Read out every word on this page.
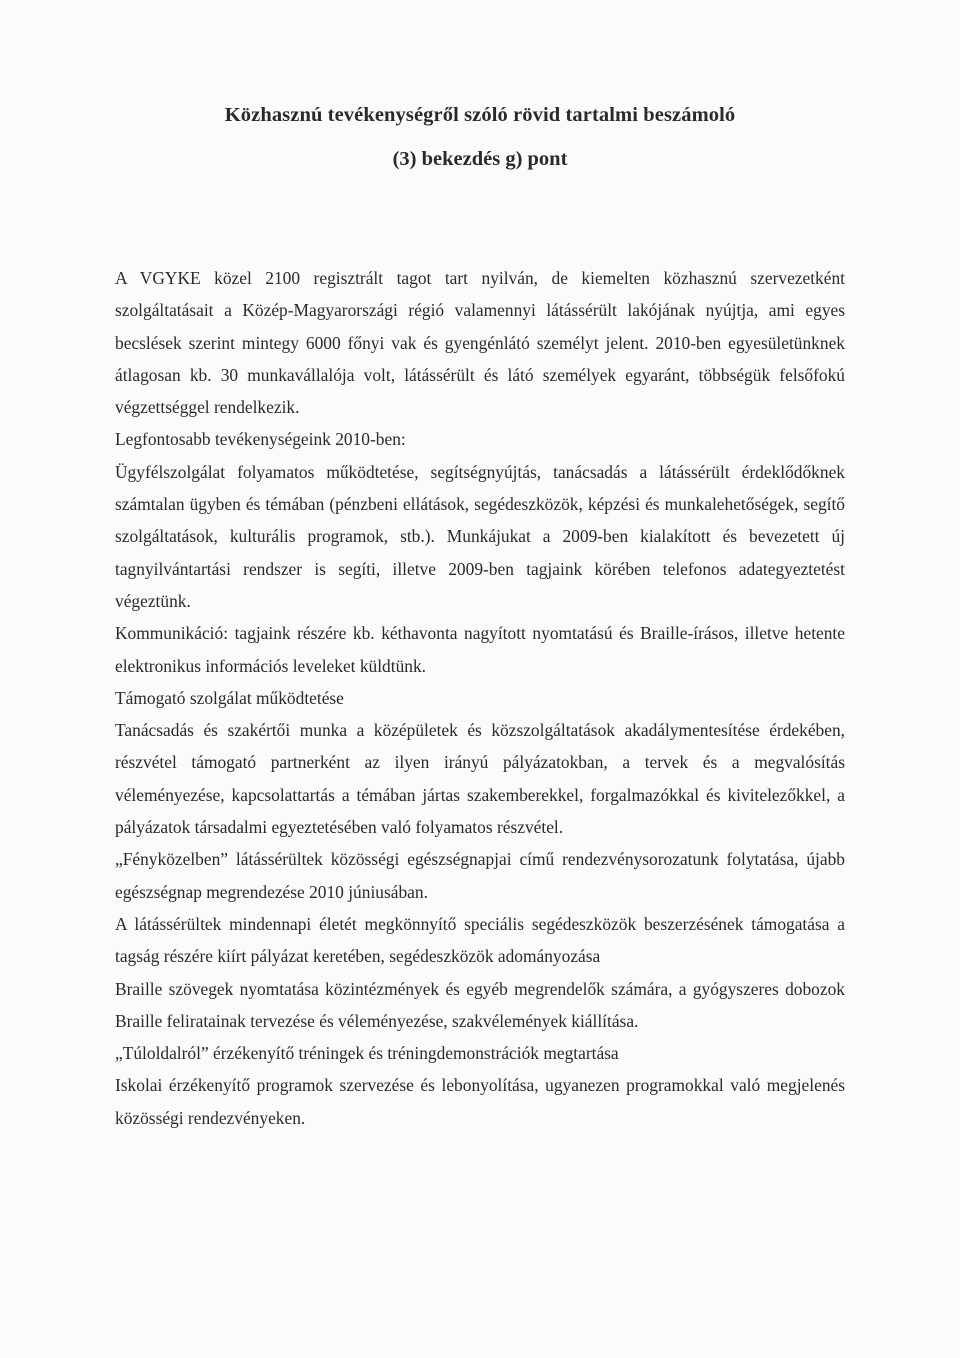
Közhasznú tevékenységről szóló rövid tartalmi beszámoló
(3) bekezdés g) pont

A VGYKE közel 2100 regisztrált tagot tart nyilván, de kiemelten közhasznú szervezetként szolgáltatásait a Közép-Magyarországi régió valamennyi látássérült lakójának nyújtja, ami egyes becslések szerint mintegy 6000 főnyi vak és gyengénlátó személyt jelent. 2010-ben egyesületünknek átlagosan kb. 30 munkavállalója volt, látássérült és látó személyek egyaránt, többségük felsőfokú végzettséggel rendelkezik.

Legfontosabb tevékenységeink 2010-ben:

Ügyfélszolgálat folyamatos működtetése, segítségnyújtás, tanácsadás a látássérült érdeklődőknek számtalan ügyben és témában (pénzbeni ellátások, segédeszközök, képzési és munkalehetőségek, segítő szolgáltatások, kulturális programok, stb.). Munkájukat a 2009-ben kialakított és bevezetett új tagnyilvántartási rendszer is segíti, illetve 2009-ben tagjaink körében telefonos adategyeztetést végeztünk.

Kommunikáció: tagjaink részére kb. kéthavonta nagyított nyomtatású és Braille-írásos, illetve hetente elektronikus információs leveleket küldtünk.

Támogató szolgálat működtetése

Tanácsadás és szakértői munka a középületek és közszolgáltatások akadálymentesítése érdekében, részvétel támogató partnerként az ilyen irányú pályázatokban, a tervek és a megvalósítás véleményezése, kapcsolattartás a témában jártas szakemberekkel, forgalmazókkal és kivitelezőkkel, a pályázatok társadalmi egyeztetésében való folyamatos részvétel.

„Fényközelben” látássérültek közösségi egészségnapjai című rendezvénysorozatunk folytatása, újabb egészségnap megrendezése 2010 júniusában.

A látássérültek mindennapi életét megkönnyítő speciális segédeszközök beszerzésének támogatása a tagság részére kiírt pályázat keretében, segédeszközök adományozása

Braille szövegek nyomtatása közintézmények és egyéb megrendelők számára, a gyógyszeres dobozok Braille feliratainak tervezése és véleményezése, szakvélemények kiállítása.

„Túloldalról” érzékenyítő tréningek és tréningdemonstrációk megtartása

Iskolai érzékenyítő programok szervezése és lebonyolítása, ugyanezen programokkal való megjelenés közösségi rendezvényeken.
